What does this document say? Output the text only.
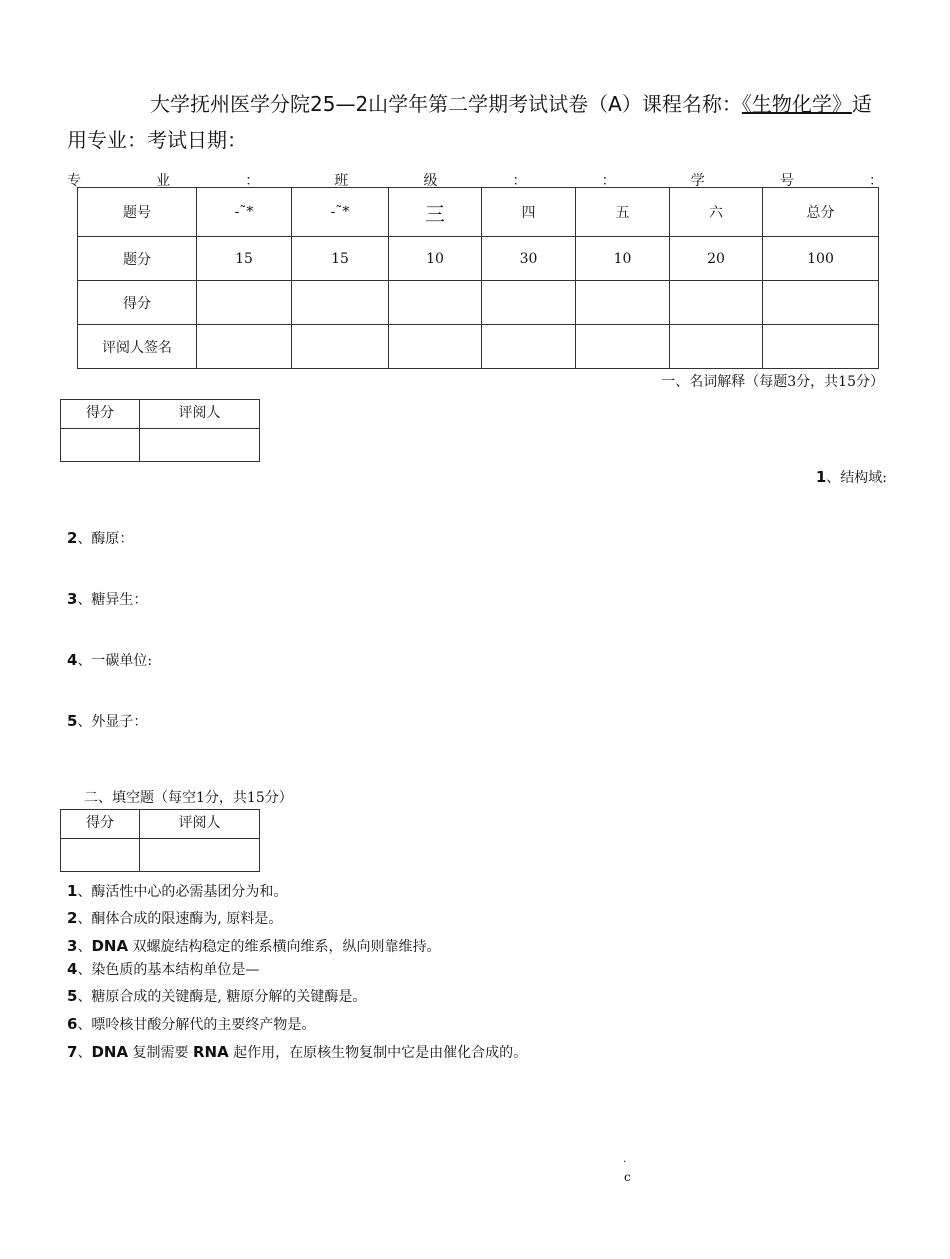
大学抚州医学分院25—2山学年第二学期考试试卷（A）课程名称：《生物化学》适用专业：考试日期：
专	业	：	班	级	：	：	学	号	：
题号	-˜*	-˜*	三	四	五	六	总分
题分	15	15	10	30	10	20	100
得分							
评阅人签名							
一、名词解释（每题3分，共15分）
得分	评阅人

1、结构域:
2、酶原：
3、糖异生：
4、一碳单位:
5、外显子：
二、填空题（每空1分，共15分）
得分	评阅人

1、酶活性中心的必需基团分为和。
2、酮体合成的限速酶为, 原料是。
3、DNA 双螺旋结构稳定的维系横向维系，纵向则靠维持。
4、染色质的基本结构单位是—
5、糖原合成的关键酶是, 糖原分解的关键酶是。
6、嘌呤核甘酸分解代的主要终产物是。
7、DNA 复制需要 RNA 起作用，在原核生物复制中它是由催化合成的。
·
c
